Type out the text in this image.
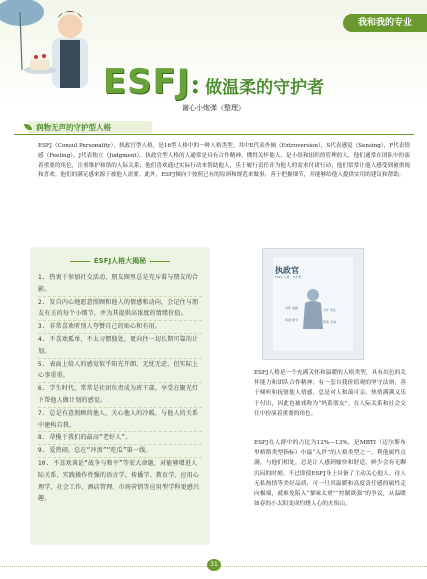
我和我的专业
ESFJ: 做温柔的守护者
谢心小炮弹（整理）
润物无声的守护型人格
ESFJ（Consul Personality），执政官型人格，是16型人格中的一种人格类型。其中E代表外倾（Extroversion），S代表感觉（Sensing），F代表情感（Feeling），J代表独立（Judgment）。执政官型人格的人通常是具有合作精神、懂得关怀他人、是小组和组织的管理的人。他们通常在团队中扮演着重要的角色，注重维护和谐的人际关系；他们喜欢通过实际行动来帮助他人，乐于履行责任并为他人的需求付诸行动；他们常常让他人感受到被重视和喜欢。他们的满足感来源于被他人需要。此外，ESFJ倾向于按照已有的原则和规范来做事，善于把握细节，并能够给他人提供实用的建议和帮助。
ESFJ人格大揭秘
1. 热衷于参加社交活动，朋友圈里总是充斥着与朋友的合影。
2. 发自内心地愿意照顾和他人的情感和动向，会记住与朋友有关的每个小细节，并为其提供高浓度的情绪价值。
3. 非常喜欢听别人夸赞自己的贴心和有用。
4. 不喜欢孤单，不太习惯独处，更向往一切长期可靠的计划。
5. 表面上给人的感觉似乎阳光开朗、无忧无虑，但实际上心事重重。
6. 学生时代，常常是社团负责成为班干部，享受在聚光灯下帮他人做计划的感觉。
7. 总是有意照顾的他人，关心他人的冷暖，与他人的关系中建构自我。
8. 蒂揽于我们的最高“老好人”。
9. 爱热闹，总在“冲浪”“吃瓜”第一线。
10. 不喜欢谈论“战争与和平”等宏大命题，对能够增进人际关系、实践操作性强的语言学、传播学、教育学、应用心理学、社会工作、酒店管理、市场营销等应用型学科更感兴趣。
执政官
ESFJ 人格 · 守护型
关怀 温暖	合作 责任
和谐 细节	帮助 忠诚
ESFJ人格是一个充满关怀和温暖的人格类型，具有出色的关怀能力和团队合作精神；有一套自我价值观的坚守法则，善于倾听和抚慰他人情感，总是对人和蔼可亲、热情满满又乐于付出，因此也被戏称为“妈系朋友”。在人际关系和社会交往中扮演着重要的角色。
ESFJ在人群中的占比为12%—13%，是MBTI（迈尔斯布里格斯类型指标）中最“入世”的人格类型之一，利他属性点满，与他们相处，总是让人感到愉快和舒适，鲜少会有无聊沉闷的时刻。不过即使ESFJ身上具备了主动关心他人、待人无私热情等美好品质，可一旦其温暖和高度责任感的属性走向极端，就难免陷入“爹味太重”“控制欲强”的争议，从温暖如春的小太阳变成灼烧人心的火焰山。
31
